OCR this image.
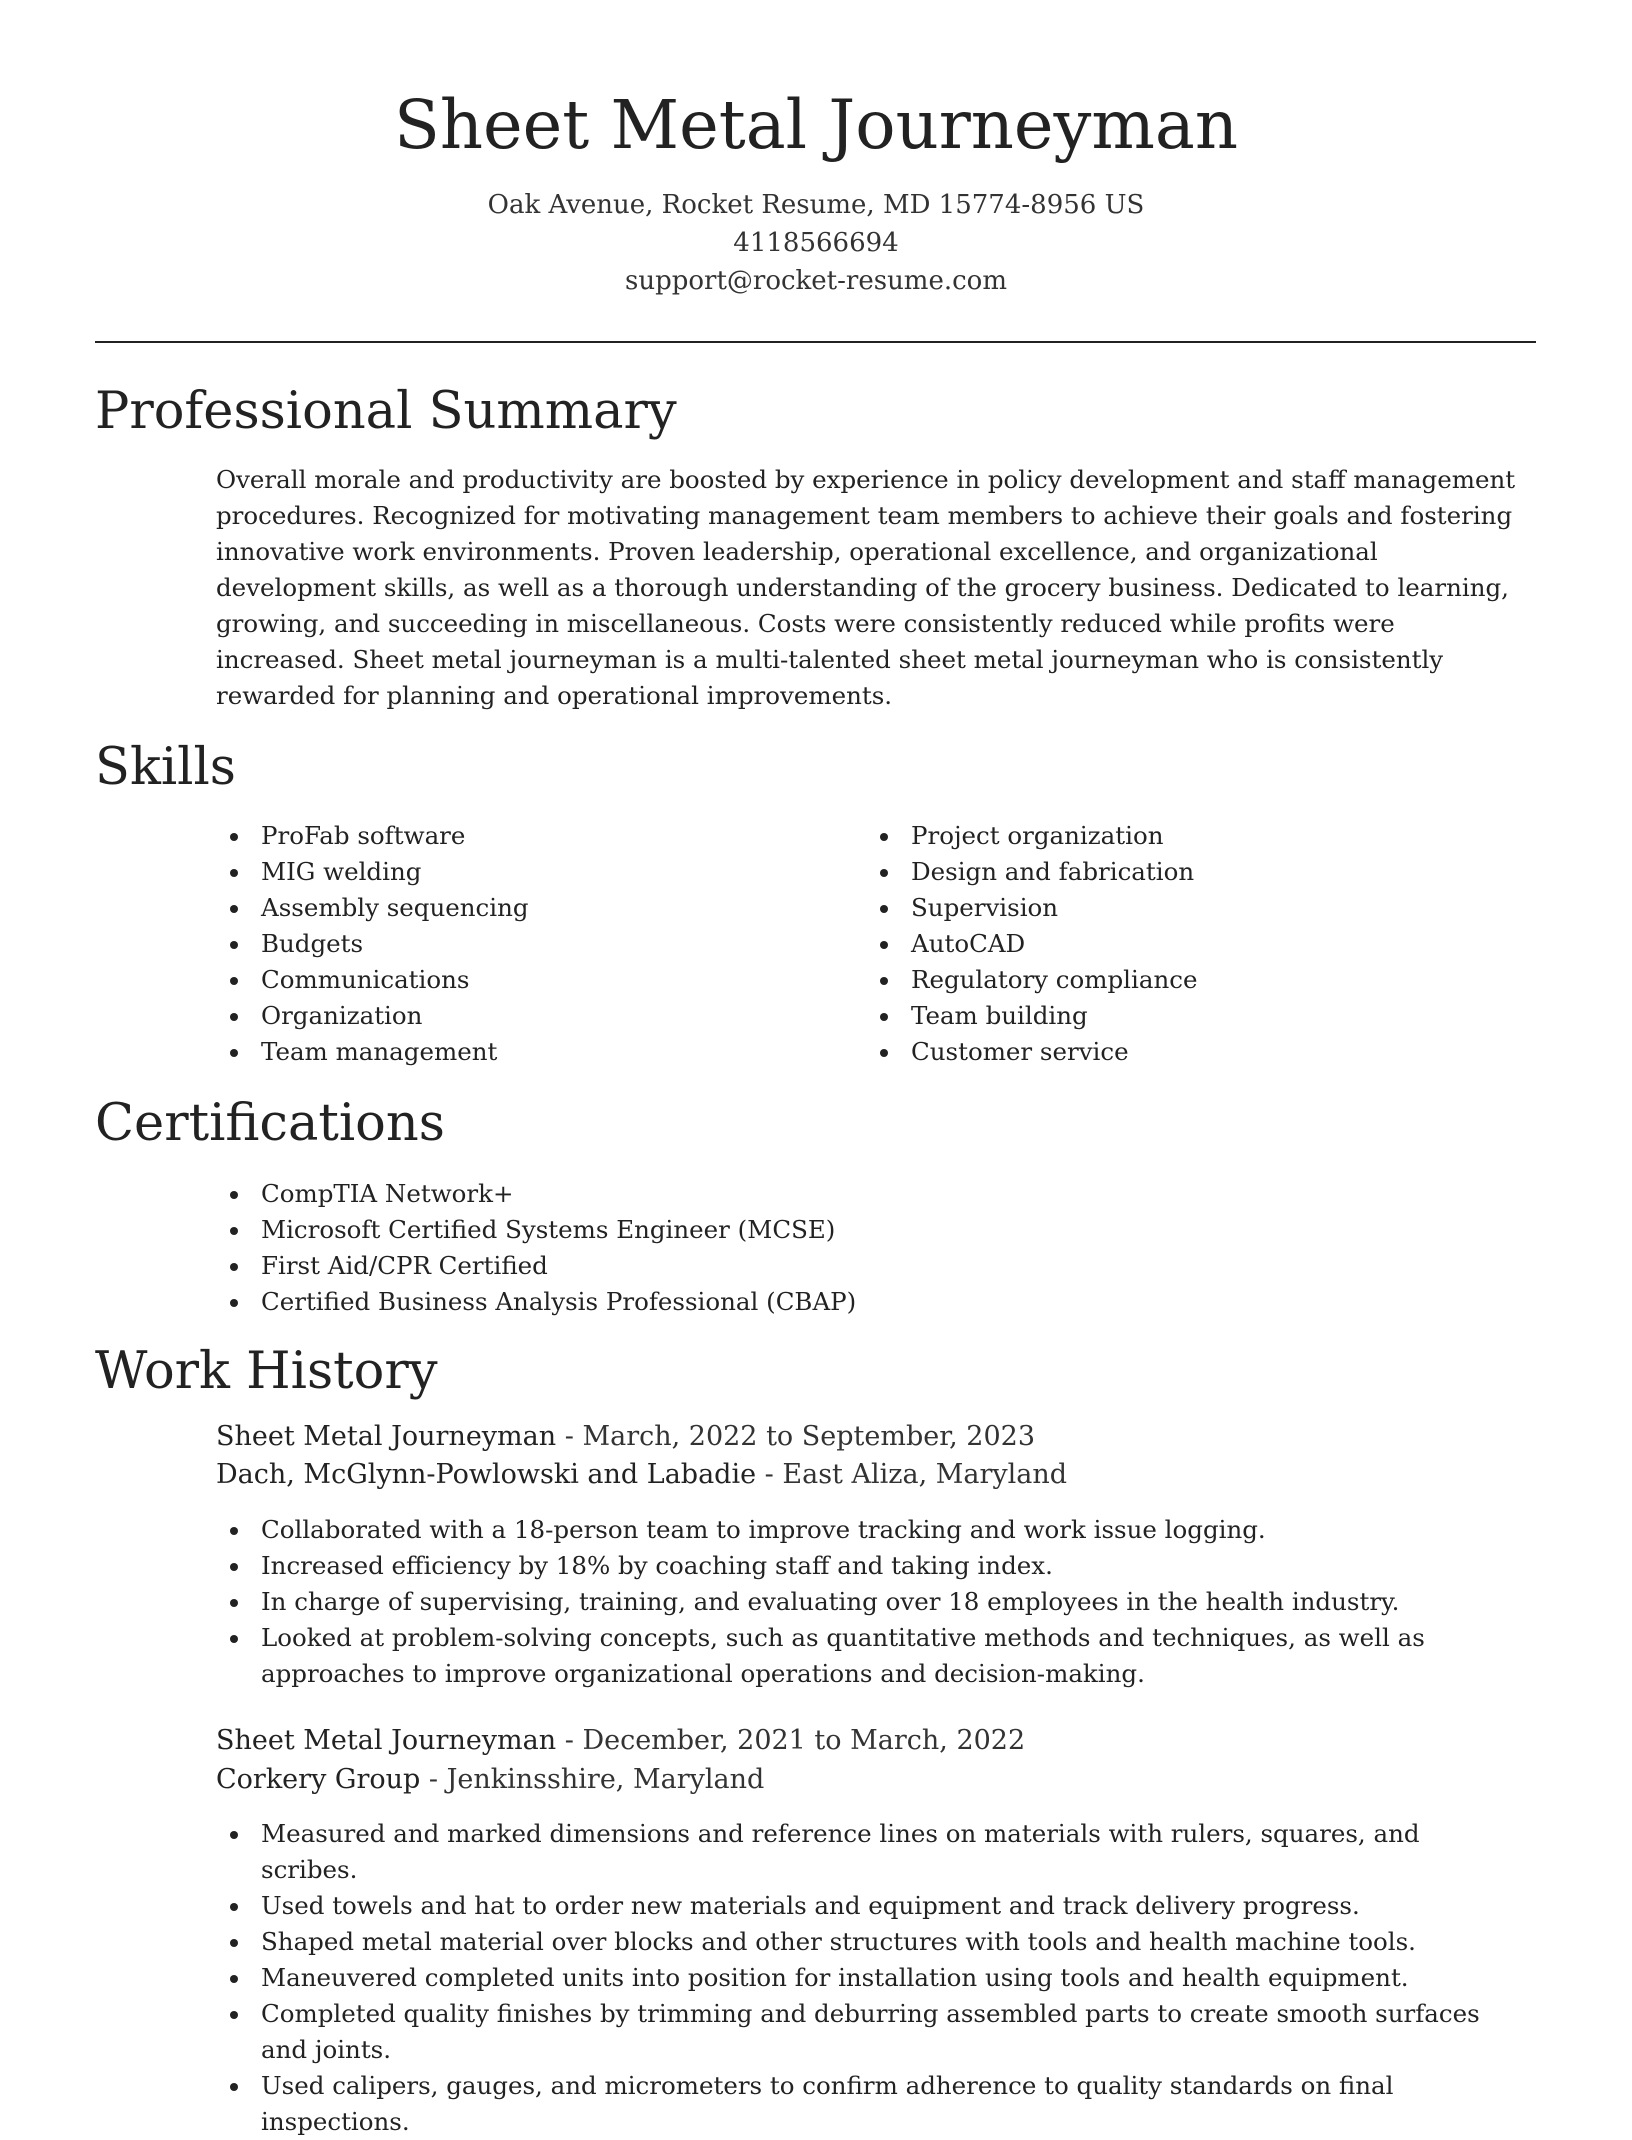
Sheet Metal Journeyman
Oak Avenue, Rocket Resume, MD 15774-8956 US
4118566694
support@rocket-resume.com
Professional Summary
Overall morale and productivity are boosted by experience in policy development and staff management procedures. Recognized for motivating management team members to achieve their goals and fostering innovative work environments. Proven leadership, operational excellence, and organizational development skills, as well as a thorough understanding of the grocery business. Dedicated to learning, growing, and succeeding in miscellaneous. Costs were consistently reduced while profits were increased. Sheet metal journeyman is a multi-talented sheet metal journeyman who is consistently rewarded for planning and operational improvements.
Skills
ProFab software
MIG welding
Assembly sequencing
Budgets
Communications
Organization
Team management
Project organization
Design and fabrication
Supervision
AutoCAD
Regulatory compliance
Team building
Customer service
Certifications
CompTIA Network+
Microsoft Certified Systems Engineer (MCSE)
First Aid/CPR Certified
Certified Business Analysis Professional (CBAP)
Work History
Sheet Metal Journeyman - March, 2022 to September, 2023
Dach, McGlynn-Powlowski and Labadie - East Aliza, Maryland
Collaborated with a 18-person team to improve tracking and work issue logging.
Increased efficiency by 18% by coaching staff and taking index.
In charge of supervising, training, and evaluating over 18 employees in the health industry.
Looked at problem-solving concepts, such as quantitative methods and techniques, as well as approaches to improve organizational operations and decision-making.
Sheet Metal Journeyman - December, 2021 to March, 2022
Corkery Group - Jenkinsshire, Maryland
Measured and marked dimensions and reference lines on materials with rulers, squares, and scribes.
Used towels and hat to order new materials and equipment and track delivery progress.
Shaped metal material over blocks and other structures with tools and health machine tools.
Maneuvered completed units into position for installation using tools and health equipment.
Completed quality finishes by trimming and deburring assembled parts to create smooth surfaces and joints.
Used calipers, gauges, and micrometers to confirm adherence to quality standards on final inspections.
